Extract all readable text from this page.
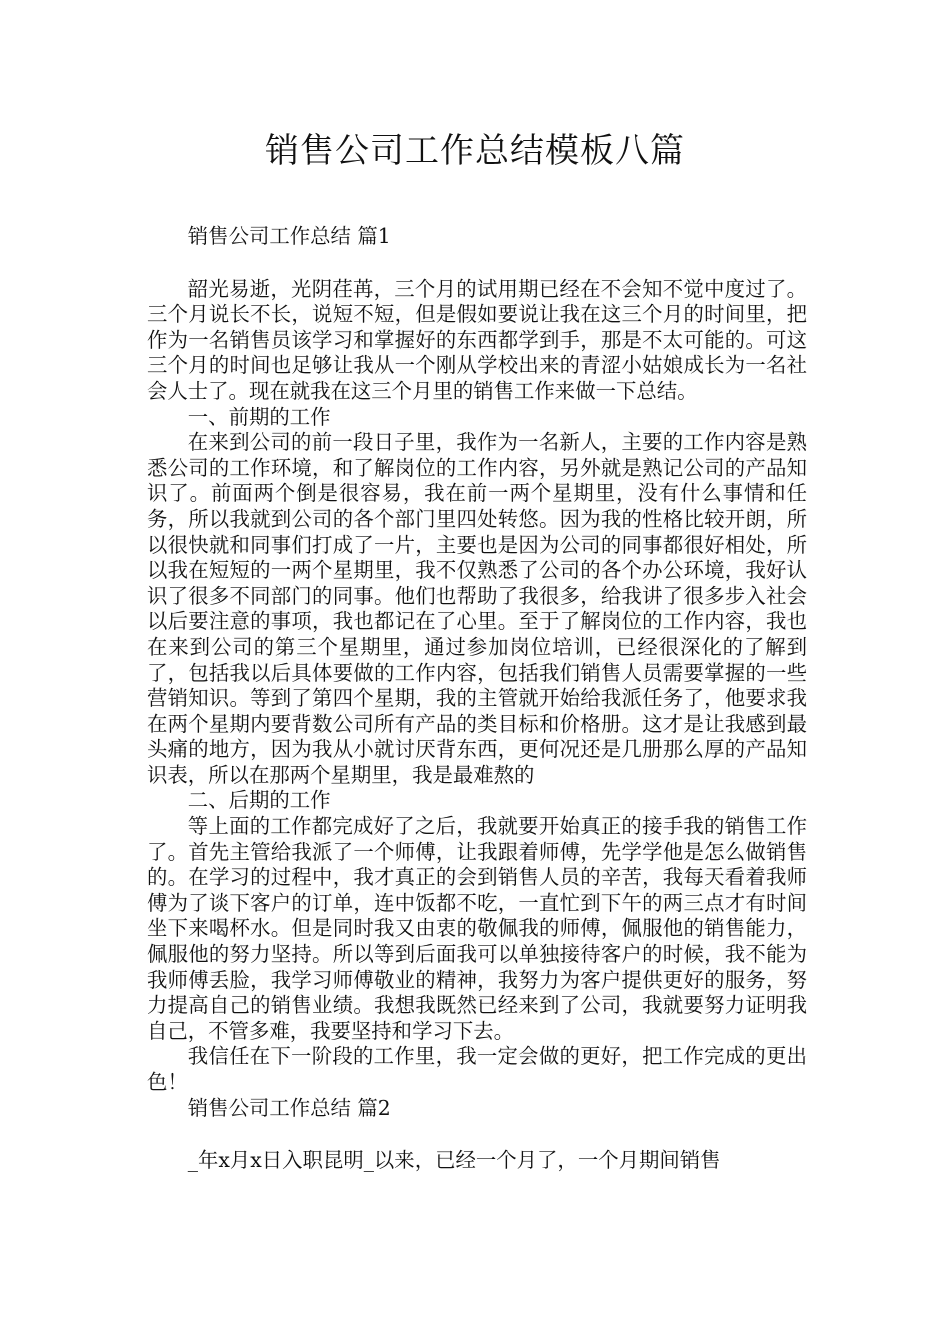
销售公司工作总结模板八篇

销售公司工作总结 篇1

韶光易逝，光阴荏苒，三个月的试用期已经在不会知不觉中度过了。三个月说长不长，说短不短，但是假如要说让我在这三个月的时间里，把作为一名销售员该学习和掌握好的东西都学到手，那是不太可能的。可这三个月的时间也足够让我从一个刚从学校出来的青涩小姑娘成长为一名社会人士了。现在就我在这三个月里的销售工作来做一下总结。

一、前期的工作

在来到公司的前一段日子里，我作为一名新人，主要的工作内容是熟悉公司的工作环境，和了解岗位的工作内容，另外就是熟记公司的产品知识了。前面两个倒是很容易，我在前一两个星期里，没有什么事情和任务，所以我就到公司的各个部门里四处转悠。因为我的性格比较开朗，所以很快就和同事们打成了一片，主要也是因为公司的同事都很好相处，所以我在短短的一两个星期里，我不仅熟悉了公司的各个办公环境，我好认识了很多不同部门的同事。他们也帮助了我很多，给我讲了很多步入社会以后要注意的事项，我也都记在了心里。至于了解岗位的工作内容，我也在来到公司的第三个星期里，通过参加岗位培训，已经很深化的了解到了，包括我以后具体要做的工作内容，包括我们销售人员需要掌握的一些营销知识。等到了第四个星期，我的主管就开始给我派任务了，他要求我在两个星期内要背数公司所有产品的类目标和价格册。这才是让我感到最头痛的地方，因为我从小就讨厌背东西，更何况还是几册那么厚的产品知识表，所以在那两个星期里，我是最难熬的

二、后期的工作

等上面的工作都完成好了之后，我就要开始真正的接手我的销售工作了。首先主管给我派了一个师傅，让我跟着师傅，先学学他是怎么做销售的。在学习的过程中，我才真正的会到销售人员的辛苦，我每天看着我师傅为了谈下客户的订单，连中饭都不吃，一直忙到下午的两三点才有时间坐下来喝杯水。但是同时我又由衷的敬佩我的师傅，佩服他的销售能力，佩服他的努力坚持。所以等到后面我可以单独接待客户的时候，我不能为我师傅丢脸，我学习师傅敬业的精神，我努力为客户提供更好的服务，努力提高自己的销售业绩。我想我既然已经来到了公司，我就要努力证明我自己，不管多难，我要坚持和学习下去。

我信任在下一阶段的工作里，我一定会做的更好，把工作完成的更出色！

销售公司工作总结 篇2

_年x月x日入职昆明_以来，已经一个月了，一个月期间销售
